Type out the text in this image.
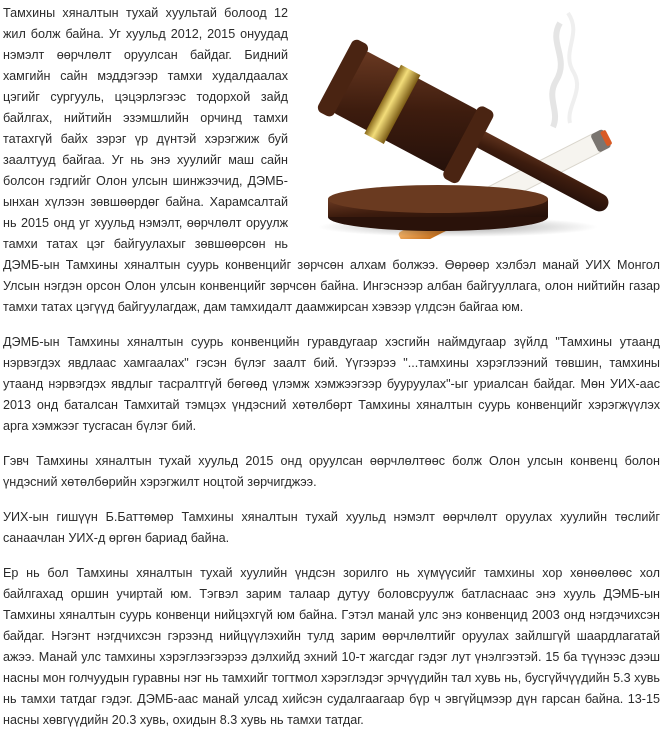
Тамхины хяналтын тухай хуультай болоод 12 жил болж байна. Уг хуульд 2012, 2015 онуудад нэмэлт өөрчлөлт оруулсан байдаг. Бидний хамгийн сайн мэддэгээр тамхи худалдаалах цэгийг сургууль, цэцэрлэгээс тодорхой зайд байлгах, нийтийн эзэмшлийн орчинд тамхи татахгүй байх зэрэг үр дүнтэй хэрэгжиж буй заалтууд байгаа. Уг нь энэ хуулийг маш сайн болсон гэдгийг Олон улсын шинжээчид, ДЭМБ-ынхан хүлээн зөвшөөрдөг байна. Харамсалтай нь 2015 онд уг хуульд нэмэлт, өөрчлөлт оруулж тамхи татах цэг байгуулахыг зөвшөөрсөн нь ДЭМБ-ын Тамхины хяналтын суурь конвенцийг зөрчсөн алхам болжээ. Өөрөөр хэлбэл манай УИХ Монгол Улсын нэгдэн орсон Олон улсын конвенцийг зөрчсөн байна. Ингэснээр албан байгууллага, олон нийтийн газар тамхи татах цэгүүд байгуулагдаж, дам тамхидалт даамжирсан хэвээр үлдсэн байгаа юм.

ДЭМБ-ын Тамхины хяналтын суурь конвенцийн гуравдугаар хэсгийн наймдугаар зүйлд "Тамхины утаанд нэрвэгдэх явдлаас хамгаалах" гэсэн бүлэг заалт бий. Үүгээрээ "...тамхины хэрэглээний төвшин, тамхины утаанд нэрвэгдэх явдлыг тасралтгүй бөгөөд үлэмж хэмжээгээр бууруулах"-ыг уриалсан байдаг. Мөн УИХ-аас 2013 онд баталсан Тамхитай тэмцэх үндэсний хөтөлбөрт Тамхины хяналтын суурь конвенцийг хэрэгжүүлэх арга хэмжээг тусгасан бүлэг бий.

Гэвч Тамхины хяналтын тухай хуульд 2015 онд оруулсан өөрчлөлтөөс болж Олон улсын конвенц болон үндэсний хөтөлбөрийн хэрэгжилт ноцтой зөрчигджээ.

УИХ-ын гишүүн Б.Баттөмөр Тамхины хяналтын тухай хуульд нэмэлт өөрчлөлт оруулах хуулийн төслийг санаачлан УИХ-д өргөн бариад байна.

Ер нь бол Тамхины хяналтын тухай хуулийн үндсэн зорилго нь хүмүүсийг тамхины хор хөнөөлөөс хол байлгахад оршин учиртай юм. Тэгвэл зарим талаар дутуу боловсруулж батлаcнаас энэ хууль ДЭМБ-ын Тамхины хяналтын суурь конвенци нийцэхгүй юм байна. Гэтэл манай улс энэ конвенцид 2003 онд нэгдэчихсэн байдаг. Нэгэнт нэгдчихсэн гэрээнд нийцүүлэхийн тулд зарим өөрчлөлтийг оруулах зайлшгүй шаардлагатай ажээ. Манай улс тамхины хэрэглээгээрээ дэлхийд эхний 10-т жагсдаг гэдэг лут үнэлгээтэй. 15 ба түүнээс дээш насны мон голчуудын гуравны нэг нь тамхийг тогтмол хэрэглэдэг эрчүүдийн тал хувь нь, бусгүйчүүдийн 5.3 хувь нь тамхи татдаг гэдэг. ДЭМБ-аас манай улсад хийсэн судалгаагаар бүр ч эвгүйцмээр дүн гарсан байна. 13-15 насны хөвгүүдийн 20.3 хувь, охидын 8.3 хувь нь тамхи татдаг.
